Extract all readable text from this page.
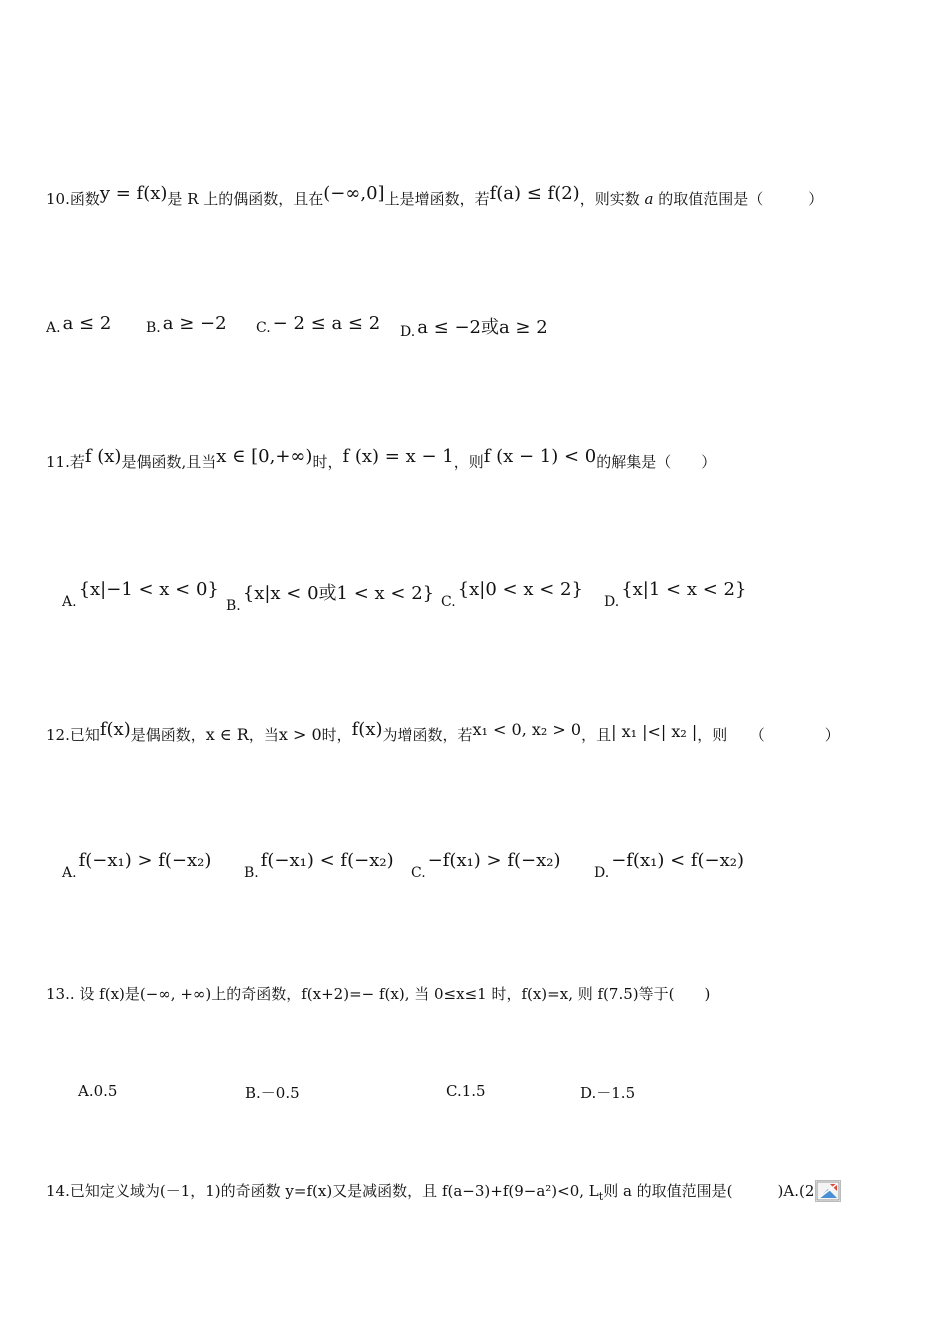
10.函数y = f(x)是 R 上的偶函数，且在(−∞,0]上是增函数，若f(a) ≤ f(2)，则实数 a 的取值范围是（　　　）
A. a ≤ 2 B. a ≥ −2 C. − 2 ≤ a ≤ 2 D. a ≤ −2或a ≥ 2
11.若f (x)是偶函数,且当x ∈ [0,+∞)时，f (x) = x − 1，则f (x − 1) < 0的解集是（　　）
A.{x|−1 < x < 0}
B.{x|x < 0或1 < x < 2} C.{x|0 < x < 2}
D.{x|1 < x < 2}
12.已知f(x)是偶函数，x ∈ R，当x > 0时，f(x)为增函数，若x₁ < 0, x₂ > 0，且| x₁ |<| x₂ |，则　　（　　　　）
A.f(−x₁) > f(−x₂)
B.f(−x₁) < f(−x₂)
C.−f(x₁) > f(−x₂)
D.−f(x₁) < f(−x₂)
13.. 设 f(x)是(−∞, +∞)上的奇函数，f(x+2)=− f(x), 当 0≤x≤1 时，f(x)=x, 则 f(7.5)等于(　　)
A.0.5	B.－0.5	C.1.5	D.－1.5
14.已知定义域为(－1，1)的奇函数 y=f(x)又是减函数，且 f(a−3)+f(9−a²)<0, $L_t$则 a 的取值范围是(　　　)A.(2
